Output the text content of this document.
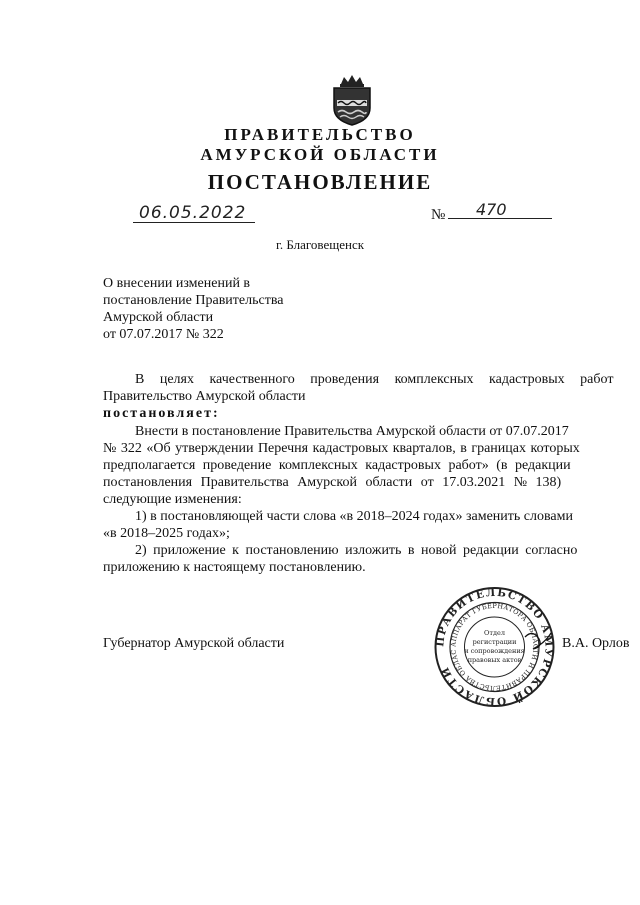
ПРАВИТЕЛЬСТВО
АМУРСКОЙ ОБЛАСТИ
ПОСТАНОВЛЕНИЕ
06.05.2022	№	470
г. Благовещенск
О внесении изменений в
постановление Правительства
Амурской области
от 07.07.2017 № 322
В целях качественного проведения комплексных кадастровых работ
Правительство Амурской области
постановляет:
Внести в постановление Правительства Амурской области от 07.07.2017
№ 322 «Об утверждении Перечня кадастровых кварталов, в границах которых
предполагается проведение комплексных кадастровых работ» (в редакции
постановления Правительства Амурской области от 17.03.2021 № 138)
следующие изменения:
1) в постановляющей части слова «в 2018–2024 годах» заменить словами
«в 2018–2025 годах»;
2) приложение к постановлению изложить в новой редакции согласно
приложению к настоящему постановлению.
Губернатор Амурской области	В.А. Орлов
ПРАВИТЕЛЬСТВО АМУРСКОЙ ОБЛАСТИ
АППАРАТ ГУБЕРНАТОРА ОБЛАСТИ И ПРАВИТЕЛЬСТВА ОБЛАС
Отдел
регистрации
и сопровождения
правовых актов
